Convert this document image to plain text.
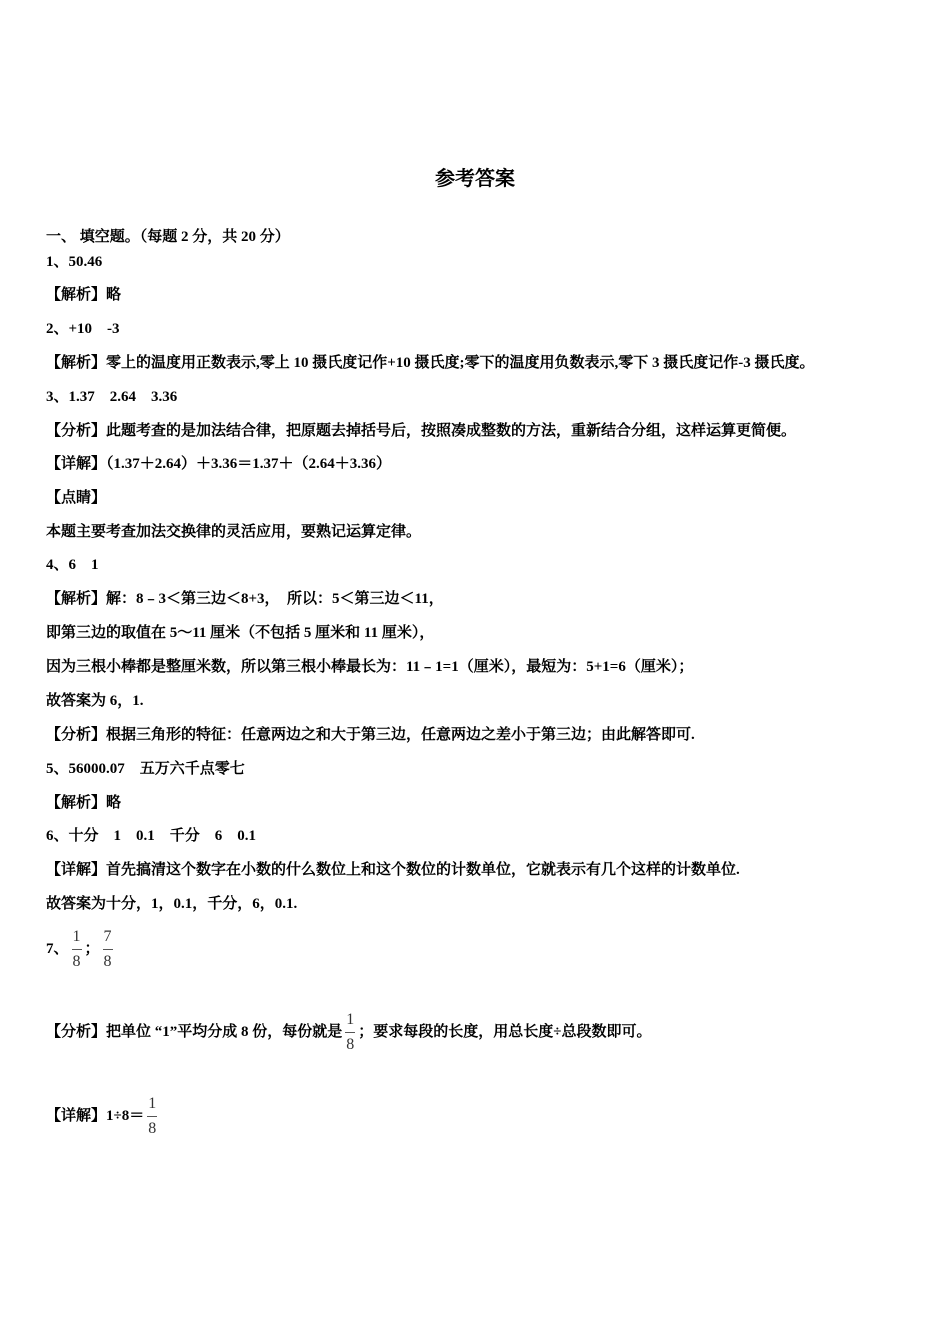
参考答案
一、 填空题。（每题 2 分，共 20 分）
1、50.46
【解析】略
2、+10　-3
【解析】零上的温度用正数表示,零上 10 摄氏度记作+10 摄氏度;零下的温度用负数表示,零下 3 摄氏度记作-3 摄氏度。
3、1.37　2.64　3.36
【分析】此题考查的是加法结合律，把原题去掉括号后，按照凑成整数的方法，重新结合分组，这样运算更简便。
【详解】（1.37＋2.64）＋3.36＝1.37＋（2.64＋3.36）
【点睛】
本题主要考查加法交换律的灵活应用，要熟记运算定律。
4、6　1
【解析】解：8﹣3＜第三边＜8+3，　所以：5＜第三边＜11，
即第三边的取值在 5～11 厘米（不包括 5 厘米和 11 厘米），
因为三根小棒都是整厘米数，所以第三根小棒最长为：11﹣1=1（厘米），最短为：5+1=6（厘米）；
故答案为 6，1.
【分析】根据三角形的特征：任意两边之和大于第三边，任意两边之差小于第三边；由此解答即可.
5、56000.07　五万六千点零七
【解析】略
6、十分　1　0.1　千分　6　0.1
【详解】首先搞清这个数字在小数的什么数位上和这个数位的计数单位，它就表示有几个这样的计数单位.
故答案为十分，1，0.1，千分，6，0.1.
7、 $\frac{1}{8}$ ； $\frac{7}{8}$
【分析】把单位 “1”平均分成 8 份，每份就是 $\frac{1}{8}$ ；要求每段的长度，用总长度÷总段数即可。
【详解】$1\div 8= \frac{1}{8}$
